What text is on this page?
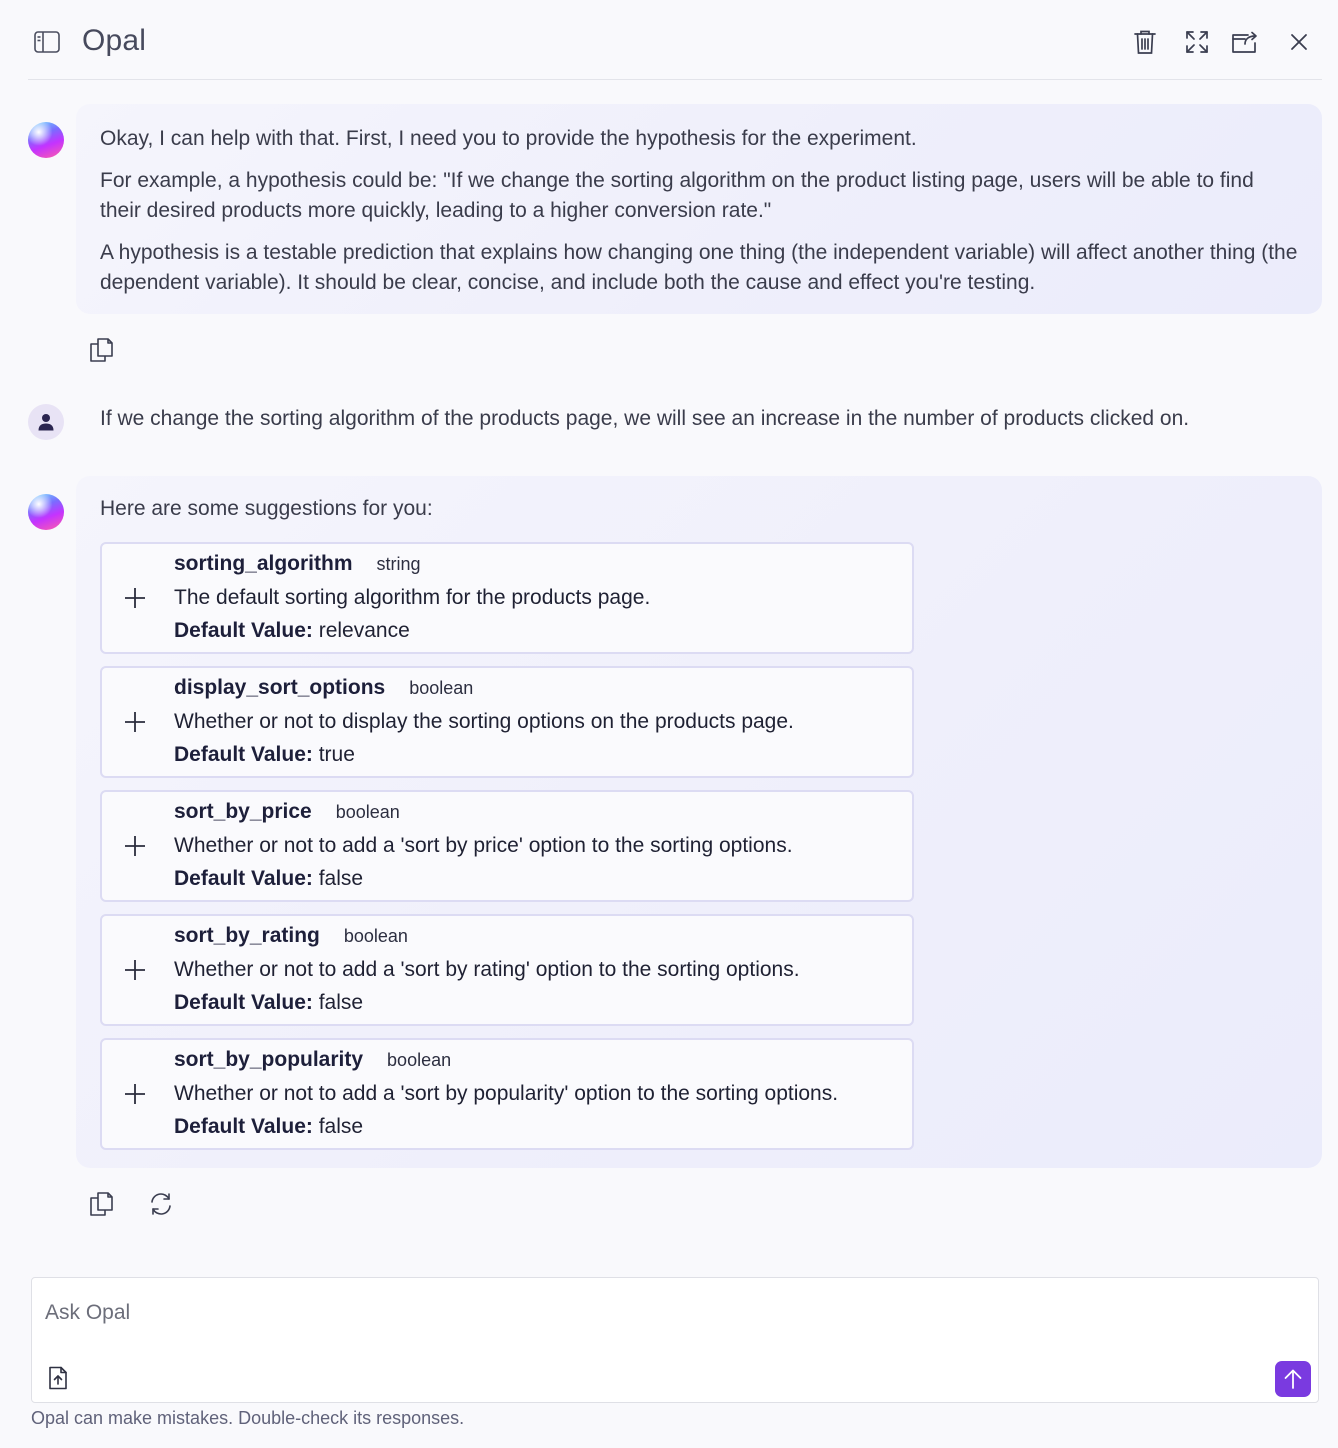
Opal

Okay, I can help with that. First, I need you to provide the hypothesis for the experiment.

For example, a hypothesis could be: "If we change the sorting algorithm on the product listing page, users will be able to find their desired products more quickly, leading to a higher conversion rate."

A hypothesis is a testable prediction that explains how changing one thing (the independent variable) will affect another thing (the dependent variable). It should be clear, concise, and include both the cause and effect you're testing.

If we change the sorting algorithm of the products page, we will see an increase in the number of products clicked on.
Here are some suggestions for you:
sorting_algorithm string
The default sorting algorithm for the products page.
Default Value: relevance
display_sort_options boolean
Whether or not to display the sorting options on the products page.
Default Value: true
sort_by_price boolean
Whether or not to add a 'sort by price' option to the sorting options.
Default Value: false
sort_by_rating boolean
Whether or not to add a 'sort by rating' option to the sorting options.
Default Value: false
sort_by_popularity boolean
Whether or not to add a 'sort by popularity' option to the sorting options.
Default Value: false
Ask Opal
Opal can make mistakes. Double-check its responses.
